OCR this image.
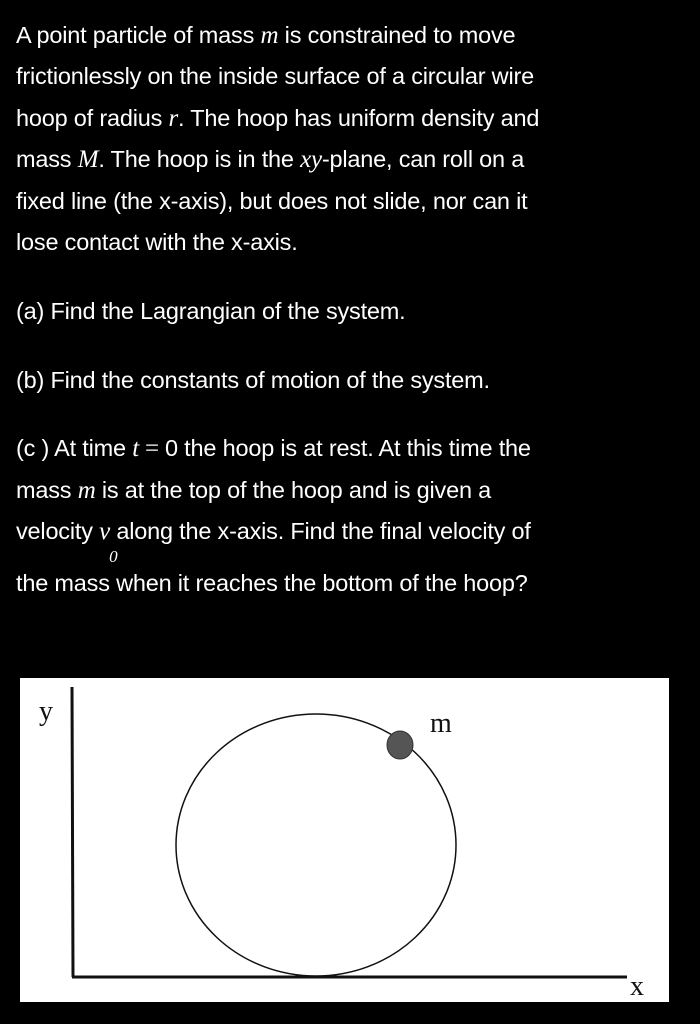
A point particle of mass m is constrained to move
frictionlessly on the inside surface of a circular wire
hoop of radius r. The hoop has uniform density and
mass M. The hoop is in the xy-plane, can roll on a
fixed line (the x-axis), but does not slide, nor can it
lose contact with the x-axis.
(a) Find the Lagrangian of the system.
(b) Find the constants of motion of the system.
(c ) At time t = 0 the hoop is at rest. At this time the
mass m is at the top of the hoop and is given a
velocity v
0
along the x-axis. Find the final velocity of
the mass when it reaches the bottom of the hoop?
y
x
m
